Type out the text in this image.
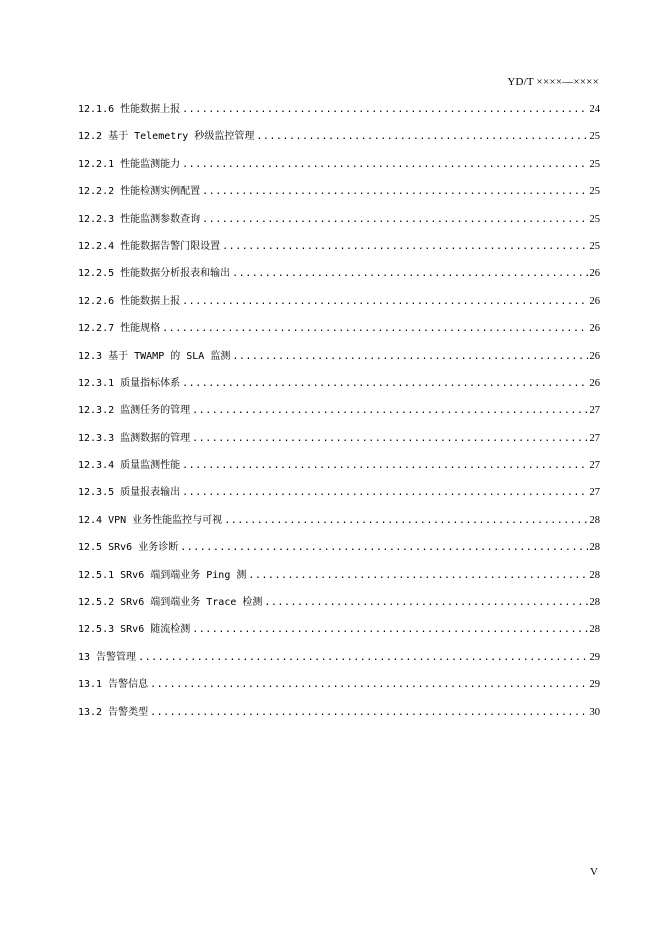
YD/T ××××—××××
12.1.6 性能数据上报 .....	24
12.2 基于 Telemetry 秒级监控管理 .....	25
12.2.1 性能监测能力 .....	25
12.2.2 性能检测实例配置 .....	25
12.2.3 性能监测参数查询 .....	25
12.2.4 性能数据告警门限设置 .....	25
12.2.5 性能数据分析报表和输出 .....	26
12.2.6 性能数据上报 .....	26
12.2.7 性能规格 .....	26
12.3 基于 TWAMP 的 SLA 监测 .....	26
12.3.1 质量指标体系 .....	26
12.3.2 监测任务的管理 .....	27
12.3.3 监测数据的管理 .....	27
12.3.4 质量监测性能 .....	27
12.3.5 质量报表输出 .....	27
12.4 VPN 业务性能监控与可视 .....	28
12.5 SRv6 业务诊断 .....	28
12.5.1 SRv6 端到端业务 Ping 测 .....	28
12.5.2 SRv6 端到端业务 Trace 检测 .....	28
12.5.3 SRv6 随流检测 .....	28
13 告警管理 .....	29
13.1 告警信息 .....	29
13.2 告警类型 .....	30
V
